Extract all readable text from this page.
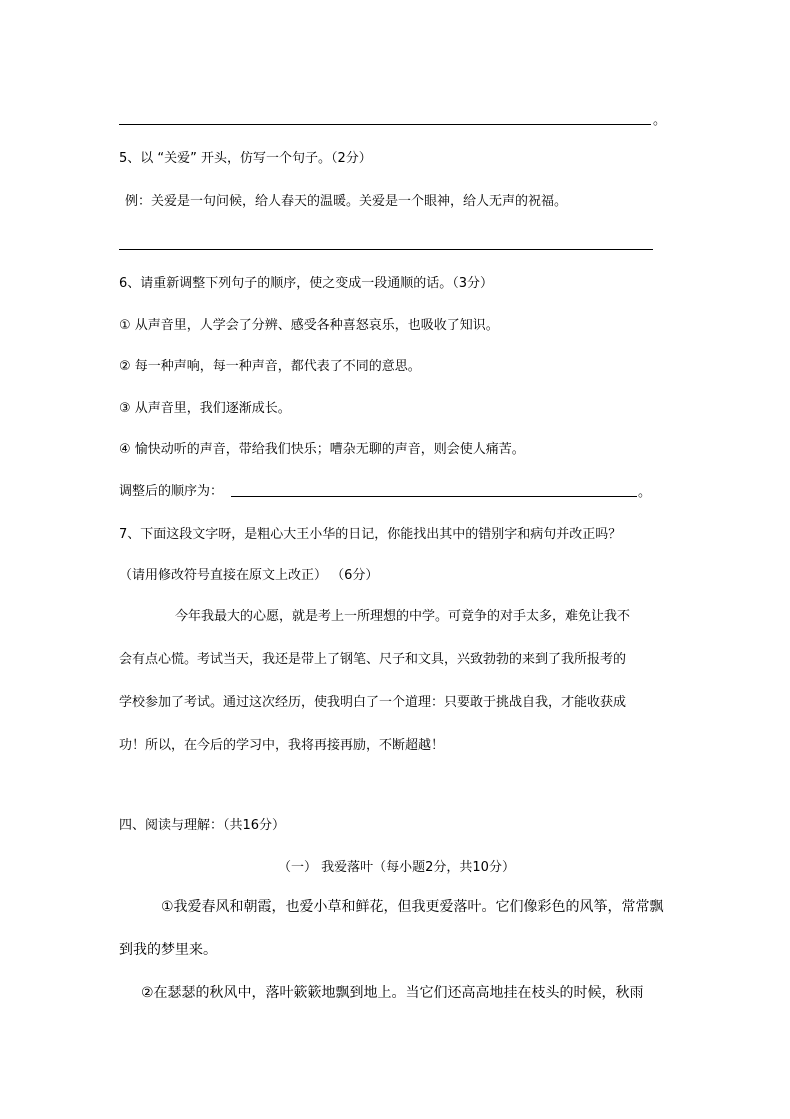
。
5、以 “关爱” 开头，仿写一个句子。（2分）
例：关爱是一句问候，给人春天的温暖。关爱是一个眼神，给人无声的祝福。
6、请重新调整下列句子的顺序，使之变成一段通顺的话。（3分）
① 从声音里，人学会了分辨、感受各种喜怒哀乐，也吸收了知识。
② 每一种声响，每一种声音，都代表了不同的意思。
③ 从声音里，我们逐渐成长。
④ 愉快动听的声音，带给我们快乐；嘈杂无聊的声音，则会使人痛苦。
调整后的顺序为：	。
7、下面这段文字呀，是粗心大王小华的日记，你能找出其中的错别字和病句并改正吗？
（请用修改符号直接在原文上改正） （6分）
今年我最大的心愿，就是考上一所理想的中学。可竟争的对手太多，难免让我不
会有点心慌。考试当天，我还是带上了钢笔、尺子和文具，兴致勃勃的来到了我所报考的
学校参加了考试。通过这次经历，使我明白了一个道理：只要敢于挑战自我，才能收获成
功！所以，在今后的学习中，我将再接再励，不断超越！
四、阅读与理解：（共16分）
（一） 我爱落叶（每小题2分，共10分）
①我爱春风和朝霞，也爱小草和鲜花，但我更爱落叶。它们像彩色的风筝，常常飘
到我的梦里来。
②在瑟瑟的秋风中，落叶簌簌地飘到地上。当它们还高高地挂在枝头的时候，秋雨
